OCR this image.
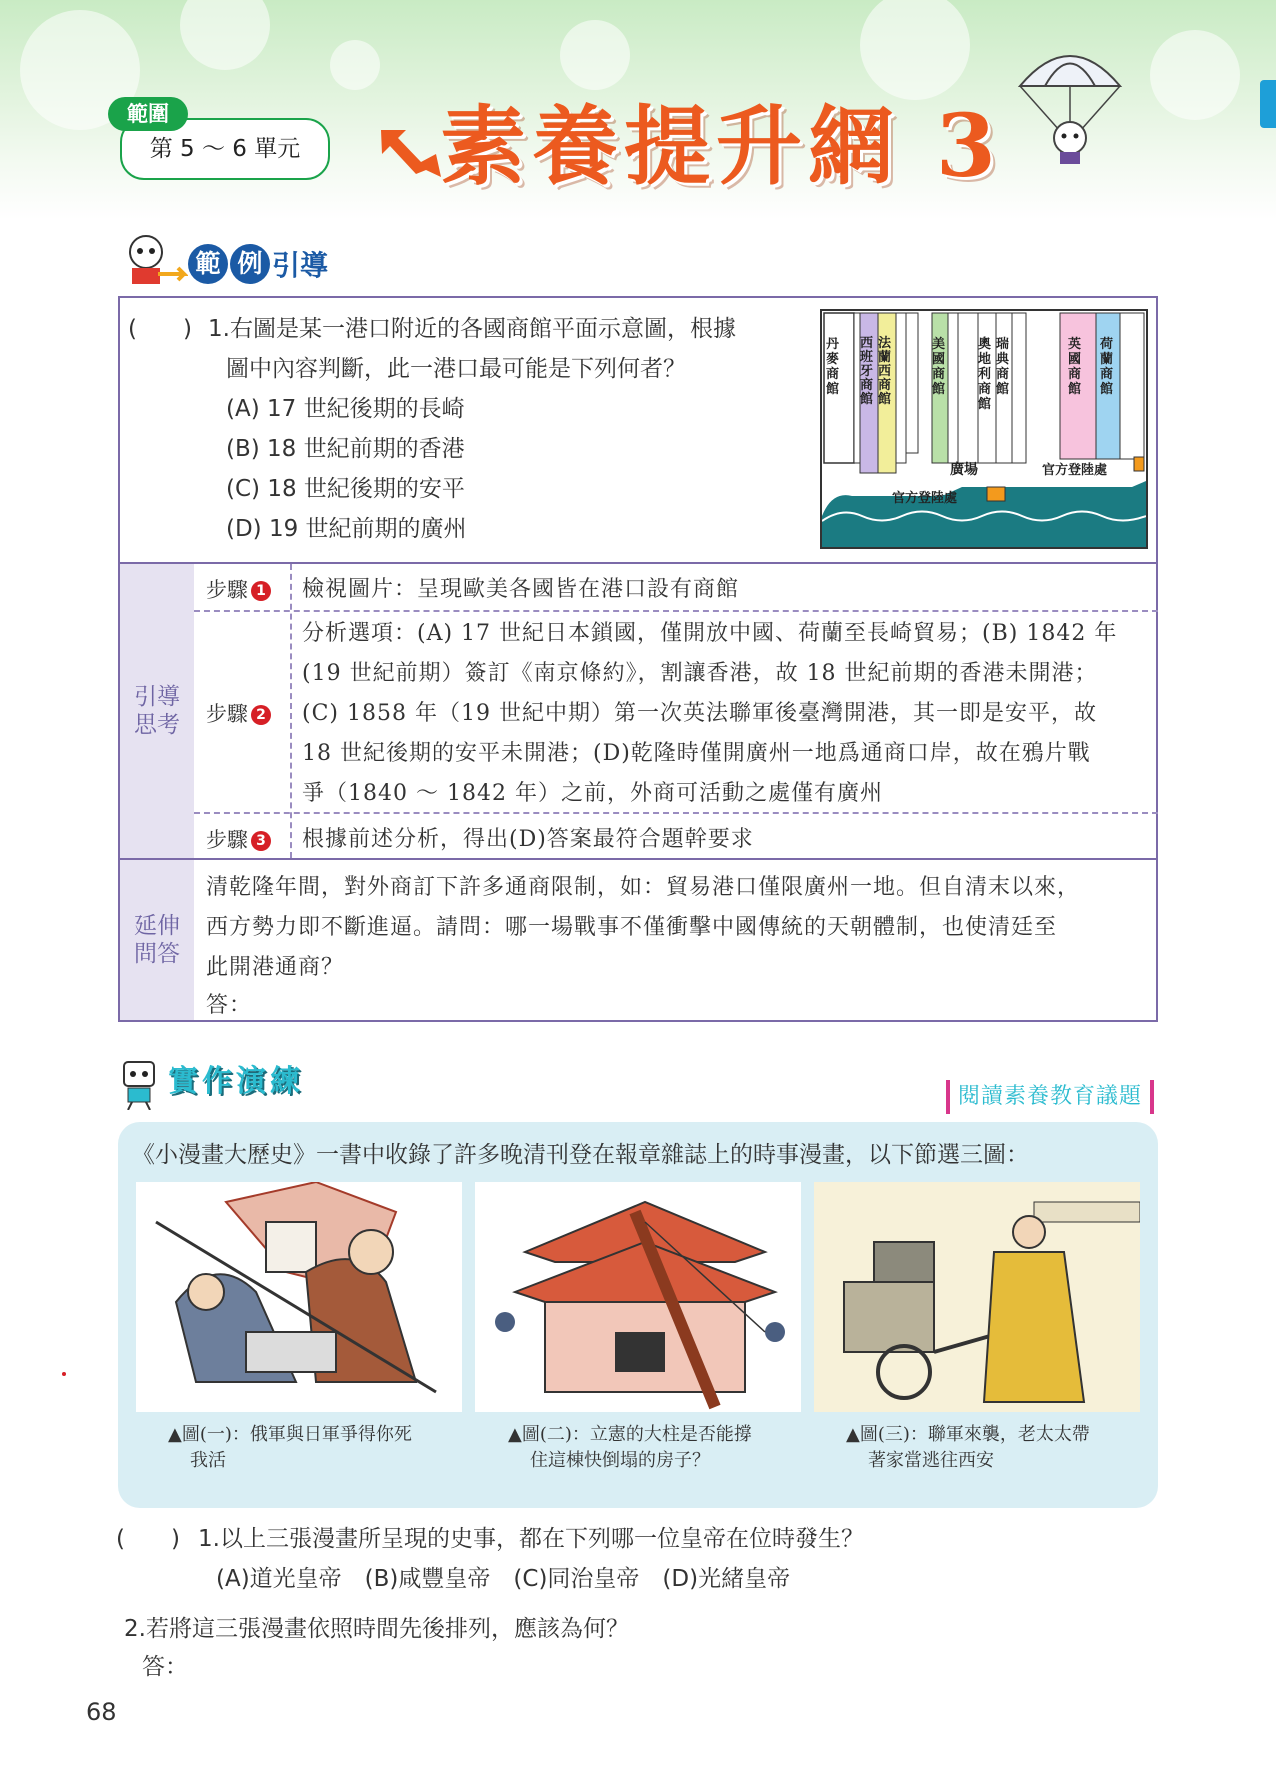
第 5 ～ 6 單元
範圍	素養提升網 3
範 例 引導
(　　) 1.右圖是某一港口附近的各國商館平面示意圖，根據
圖中內容判斷，此一港口最可能是下列何者？
(A) 17 世紀後期的長崎
(B) 18 世紀前期的香港
(C) 18 世紀後期的安平
(D) 19 世紀前期的廣州
丹麥商館
西班牙商館
法蘭西商館
美國商館
奧地利商館
瑞典商館
英國商館
荷蘭商館
廣場	官方登陸處
官方登陸處
引導思考
延伸問答
步驟 1 檢視圖片：呈現歐美各國皆在港口設有商館
步驟 2
分析選項：(A) 17 世紀日本鎖國，僅開放中國、荷蘭至長崎貿易；(B) 1842 年
(19 世紀前期）簽訂《南京條約》，割讓香港，故 18 世紀前期的香港未開港；
(C) 1858 年（19 世紀中期）第一次英法聯軍後臺灣開港，其一即是安平，故
18 世紀後期的安平未開港；(D)乾隆時僅開廣州一地爲通商口岸，故在鴉片戰
爭（1840 ～ 1842 年）之前，外商可活動之處僅有廣州
步驟 3 根據前述分析，得出(D)答案最符合題幹要求
清乾隆年間，對外商訂下許多通商限制，如：貿易港口僅限廣州一地。但自清末以來，
西方勢力即不斷進逼。請問：哪一場戰事不僅衝擊中國傳統的天朝體制，也使清廷至
此開港通商？
答：
實作演練	閱讀素養教育議題
《小漫畫大歷史》一書中收錄了許多晚清刊登在報章雜誌上的時事漫畫，以下節選三圖：
▲圖(一)：俄軍與日軍爭得你死
我活
▲圖(二)：立憲的大柱是否能撐
住這棟快倒塌的房子？
▲圖(三)：聯軍來襲，老太太帶
著家當逃往西安
(　　) 1.以上三張漫畫所呈現的史事，都在下列哪一位皇帝在位時發生？
(A)道光皇帝　(B)咸豐皇帝　(C)同治皇帝　(D)光緒皇帝
2.若將這三張漫畫依照時間先後排列，應該為何？
答：
68
